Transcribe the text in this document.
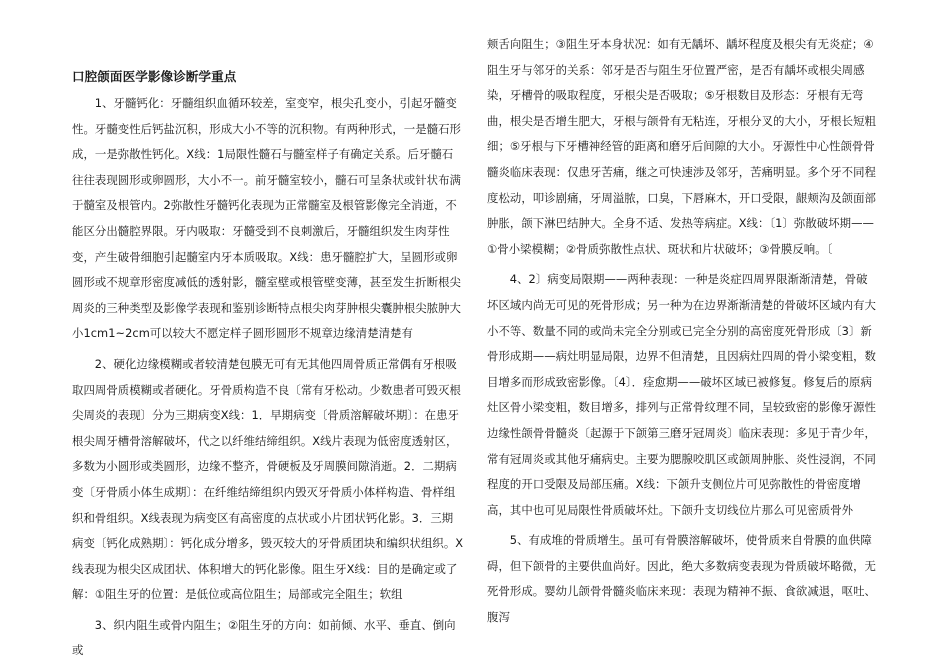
口腔颌面医学影像诊断学重点

1、牙髓钙化：牙髓组织血循环较差，室变窄，根尖孔变小，引起牙髓变性。牙髓变性后钙盐沉积，形成大小不等的沉积物。有两种形式，一是髓石形成，一是弥散性钙化。X线：1局限性髓石与髓室样子有确定关系。后牙髓石往往表现圆形或卵圆形，大小不一。前牙髓室较小，髓石可呈条状或针状布满于髓室及根管内。2弥散性牙髓钙化表现为正常髓室及根管影像完全消逝，不能区分出髓腔界限。牙内吸取：牙髓受到不良刺激后，牙髓组织发生肉芽性变，产生破骨细胞引起髓室内牙本质吸取。X线：患牙髓腔扩大，呈圆形或卵圆形或不规章形密度减低的透射影，髓室壁或根管壁变薄，甚至发生折断根尖周炎的三种类型及影像学表现和鉴别诊断特点根尖肉芽肿根尖囊肿根尖脓肿大小1cm1~2cm可以较大不愿定样子圆形圆形不规章边缘清楚清楚有

2、硬化边缘模糊或者较清楚包膜无可有无其他四周骨质正常偶有牙根吸取四周骨质模糊或者硬化。牙骨质构造不良〔常有牙松动。少数患者可毁灭根尖周炎的表现〕分为三期病变X线：1．早期病变〔骨质溶解破坏期〕：在患牙根尖周牙槽骨溶解破坏，代之以纤维结缔组织。X线片表现为低密度透射区，多数为小圆形或类圆形，边缘不整齐，骨硬板及牙周膜间隙消逝。2．二期病变〔牙骨质小体生成期〕：在纤维结缔组织内毁灭牙骨质小体样构造、骨样组织和骨组织。X线表现为病变区有高密度的点状或小片团状钙化影。3．三期病变〔钙化成熟期〕：钙化成分增多，毁灭较大的牙骨质团块和编织状组织。X线表现为根尖区成团状、体积增大的钙化影像。阻生牙X线：目的是确定或了解：①阻生牙的位置：是低位或高位阻生；局部或完全阻生；软组

3、织内阻生或骨内阻生；②阻生牙的方向：如前倾、水平、垂直、倒向或

颊舌向阻生；③阻生牙本身状况：如有无龋坏、龋坏程度及根尖有无炎症；④阻生牙与邻牙的关系：邻牙是否与阻生牙位置严密，是否有龋坏或根尖周感染，牙槽骨的吸取程度，牙根尖是否吸取；⑤牙根数目及形态：牙根有无弯曲，根尖是否增生肥大，牙根与颌骨有无粘连，牙根分叉的大小，牙根长短粗细；⑤牙根与下牙槽神经管的距离和磨牙后间隙的大小。牙源性中心性颌骨骨髓炎临床表现：仅患牙苦痛，继之可快速涉及邻牙，苦痛明显。多个牙不同程度松动，叩诊剧痛，牙周溢脓，口臭，下唇麻木，开口受限，龈颊沟及颌面部肿胀，颌下淋巴结肿大。全身不适、发热等病症。X线：〔1〕弥散破坏期——①骨小梁模糊；②骨质弥散性点状、斑状和片状破坏；③骨膜反响。〔

4、2〕病变局限期——两种表现：一种是炎症四周界限渐渐清楚，骨破坏区域内尚无可见的死骨形成；另一种为在边界渐渐清楚的骨破坏区域内有大小不等、数量不同的或尚未完全分别或已完全分别的高密度死骨形成〔3〕新骨形成期——病灶明显局限，边界不但清楚，且因病灶四周的骨小梁变粗，数目增多而形成致密影像。〔4〕．痊愈期——破坏区域已被修复。修复后的原病灶区骨小梁变粗，数目增多，排列与正常骨纹理不同，呈较致密的影像牙源性边缘性颌骨骨髓炎〔起源于下颌第三磨牙冠周炎〕临床表现：多见于青少年，常有冠周炎或其他牙痛病史。主要为腮腺咬肌区或颌周肿胀、炎性浸润，不同程度的开口受限及局部压痛。X线：下颌升支侧位片可见弥散性的骨密度增高，其中也可见局限性骨质破坏灶。下颌升支切线位片那么可见密质骨外

5、有成堆的骨质增生。虽可有骨膜溶解破坏，使骨质来自骨膜的血供障碍，但下颌骨的主要供血尚好。因此，绝大多数病变表现为骨质破坏略微，无死骨形成。婴幼儿颌骨骨髓炎临床来现：表现为精神不振、食欲减退，呕吐、腹泻
